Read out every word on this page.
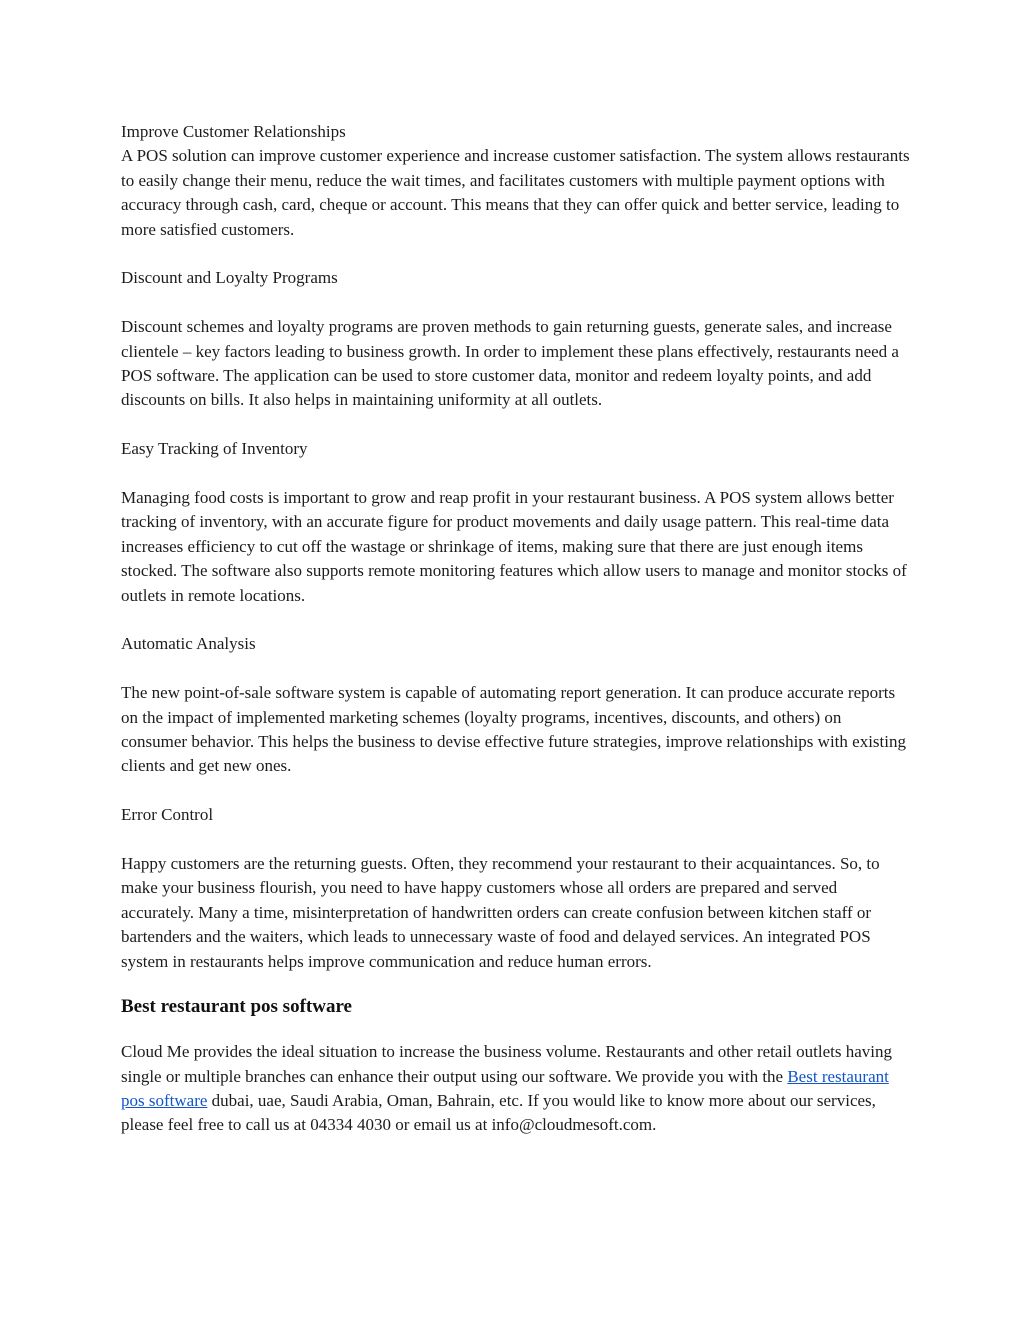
Improve Customer Relationships

A POS solution can improve customer experience and increase customer satisfaction. The system allows restaurants to easily change their menu, reduce the wait times, and facilitates customers with multiple payment options with accuracy through cash, card, cheque or account. This means that they can offer quick and better service, leading to more satisfied customers.

Discount and Loyalty Programs

Discount schemes and loyalty programs are proven methods to gain returning guests, generate sales, and increase clientele – key factors leading to business growth. In order to implement these plans effectively, restaurants need a POS software. The application can be used to store customer data, monitor and redeem loyalty points, and add discounts on bills. It also helps in maintaining uniformity at all outlets.

Easy Tracking of Inventory

Managing food costs is important to grow and reap profit in your restaurant business. A POS system allows better tracking of inventory, with an accurate figure for product movements and daily usage pattern. This real-time data increases efficiency to cut off the wastage or shrinkage of items, making sure that there are just enough items stocked. The software also supports remote monitoring features which allow users to manage and monitor stocks of outlets in remote locations.

Automatic Analysis

The new point-of-sale software system is capable of automating report generation. It can produce accurate reports on the impact of implemented marketing schemes (loyalty programs, incentives, discounts, and others) on consumer behavior. This helps the business to devise effective future strategies, improve relationships with existing clients and get new ones.

Error Control

Happy customers are the returning guests. Often, they recommend your restaurant to their acquaintances. So, to make your business flourish, you need to have happy customers whose all orders are prepared and served accurately. Many a time, misinterpretation of handwritten orders can create confusion between kitchen staff or bartenders and the waiters, which leads to unnecessary waste of food and delayed services. An integrated POS system in restaurants helps improve communication and reduce human errors.

Best restaurant pos software

Cloud Me provides the ideal situation to increase the business volume. Restaurants and other retail outlets having single or multiple branches can enhance their output using our software. We provide you with the Best restaurant pos software dubai, uae, Saudi Arabia, Oman, Bahrain, etc. If you would like to know more about our services, please feel free to call us at 04334 4030 or email us at info@cloudmesoft.com.
